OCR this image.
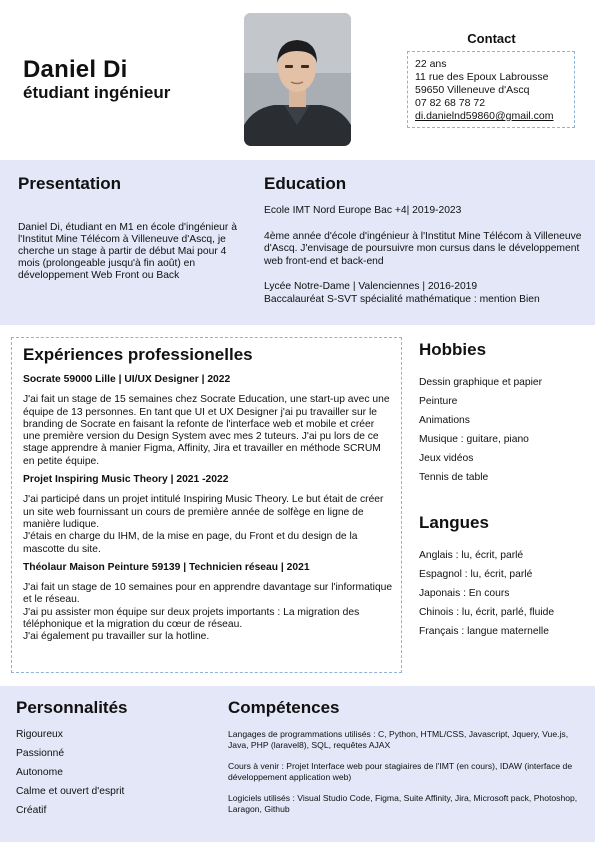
Daniel Di
étudiant ingénieur
Contact
22 ans
11 rue des Epoux Labrousse
59650 Villeneuve d'Ascq
07 82 68 78 72
di.danielnd59860@gmail.com
Presentation
Daniel Di, étudiant en M1 en école d'ingénieur à l'Institut Mine Télécom à Villeneuve d'Ascq, je cherche un stage à partir de début Mai pour 4 mois (prolongeable jusqu'à fin août) en développement Web Front ou Back
Education

Ecole IMT Nord Europe Bac +4| 2019-2023

4ème année d'école d'ingénieur à l'Institut Mine Télécom à Villeneuve d'Ascq. J'envisage de poursuivre mon cursus dans le développement web front-end et back-end

Lycée Notre-Dame | Valenciennes | 2016-2019

Baccalauréat S-SVT spécialité mathématique : mention Bien

Expériences professionelles

Socrate 59000 Lille | UI/UX Designer | 2022

J'ai fait un stage de 15 semaines chez Socrate Education, une start-up avec une équipe de 13 personnes. En tant que UI et UX Designer j'ai pu travailler sur le branding de Socrate en faisant la refonte de l'interface web et mobile et créer une première version du Design System avec mes 2 tuteurs. J'ai pu lors de ce stage apprendre à manier Figma, Affinity, Jira et travailler en méthode SCRUM en petite équipe.

Projet Inspiring Music Theory | 2021 -2022

J'ai participé dans un projet intitulé Inspiring Music Theory. Le but était de créer un site web fournissant un cours de première année de solfège en ligne de manière ludique.

J'étais en charge du IHM, de la mise en page, du Front et du design de la mascotte du site.

Théolaur Maison Peinture 59139 | Technicien réseau | 2021

J'ai fait un stage de 10 semaines pour en apprendre davantage sur l'informatique et le réseau.

J'ai pu assister mon équipe sur deux projets importants : La migration des téléphonique et la migration du cœur de réseau.

J'ai également pu travailler sur la hotline.

Hobbies
Dessin graphique et papier
Peinture
Animations
Musique : guitare, piano
Jeux vidéos
Tennis de table
Langues
Anglais : lu, écrit, parlé
Espagnol : lu, écrit, parlé
Japonais : En cours
Chinois : lu, écrit, parlé, fluide
Français : langue maternelle
Personnalités
Rigoureux
Passionné
Autonome
Calme et ouvert d'esprit
Créatif
Compétences

Langages de programmations utilisés : C, Python, HTML/CSS, Javascript, Jquery, Vue.js, Java, PHP (laravel8), SQL, requêtes AJAX

Cours à venir : Projet Interface web pour stagiaires de l'IMT (en cours), IDAW (interface de développement application web)

Logiciels utilisés : Visual Studio Code, Figma, Suite Affinity, Jira, Microsoft pack, Photoshop, Laragon, Github
